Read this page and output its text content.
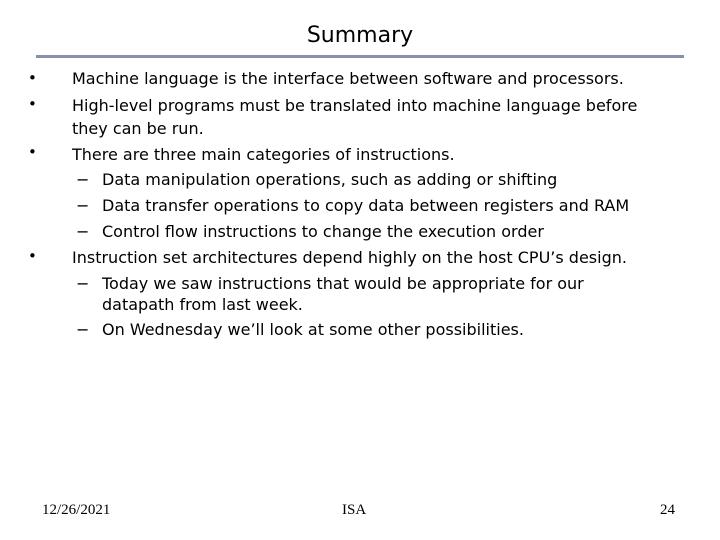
Summary
• Machine language is the interface between software and processors.
• High-level programs must be translated into machine language before
they can be run.
• There are three main categories of instructions.
− Data manipulation operations, such as adding or shifting
− Data transfer operations to copy data between registers and RAM
− Control flow instructions to change the execution order
• Instruction set architectures depend highly on the host CPU’s design.
− Today we saw instructions that would be appropriate for our
datapath from last week.
− On Wednesday we’ll look at some other possibilities.
12/26/2021	ISA	24
